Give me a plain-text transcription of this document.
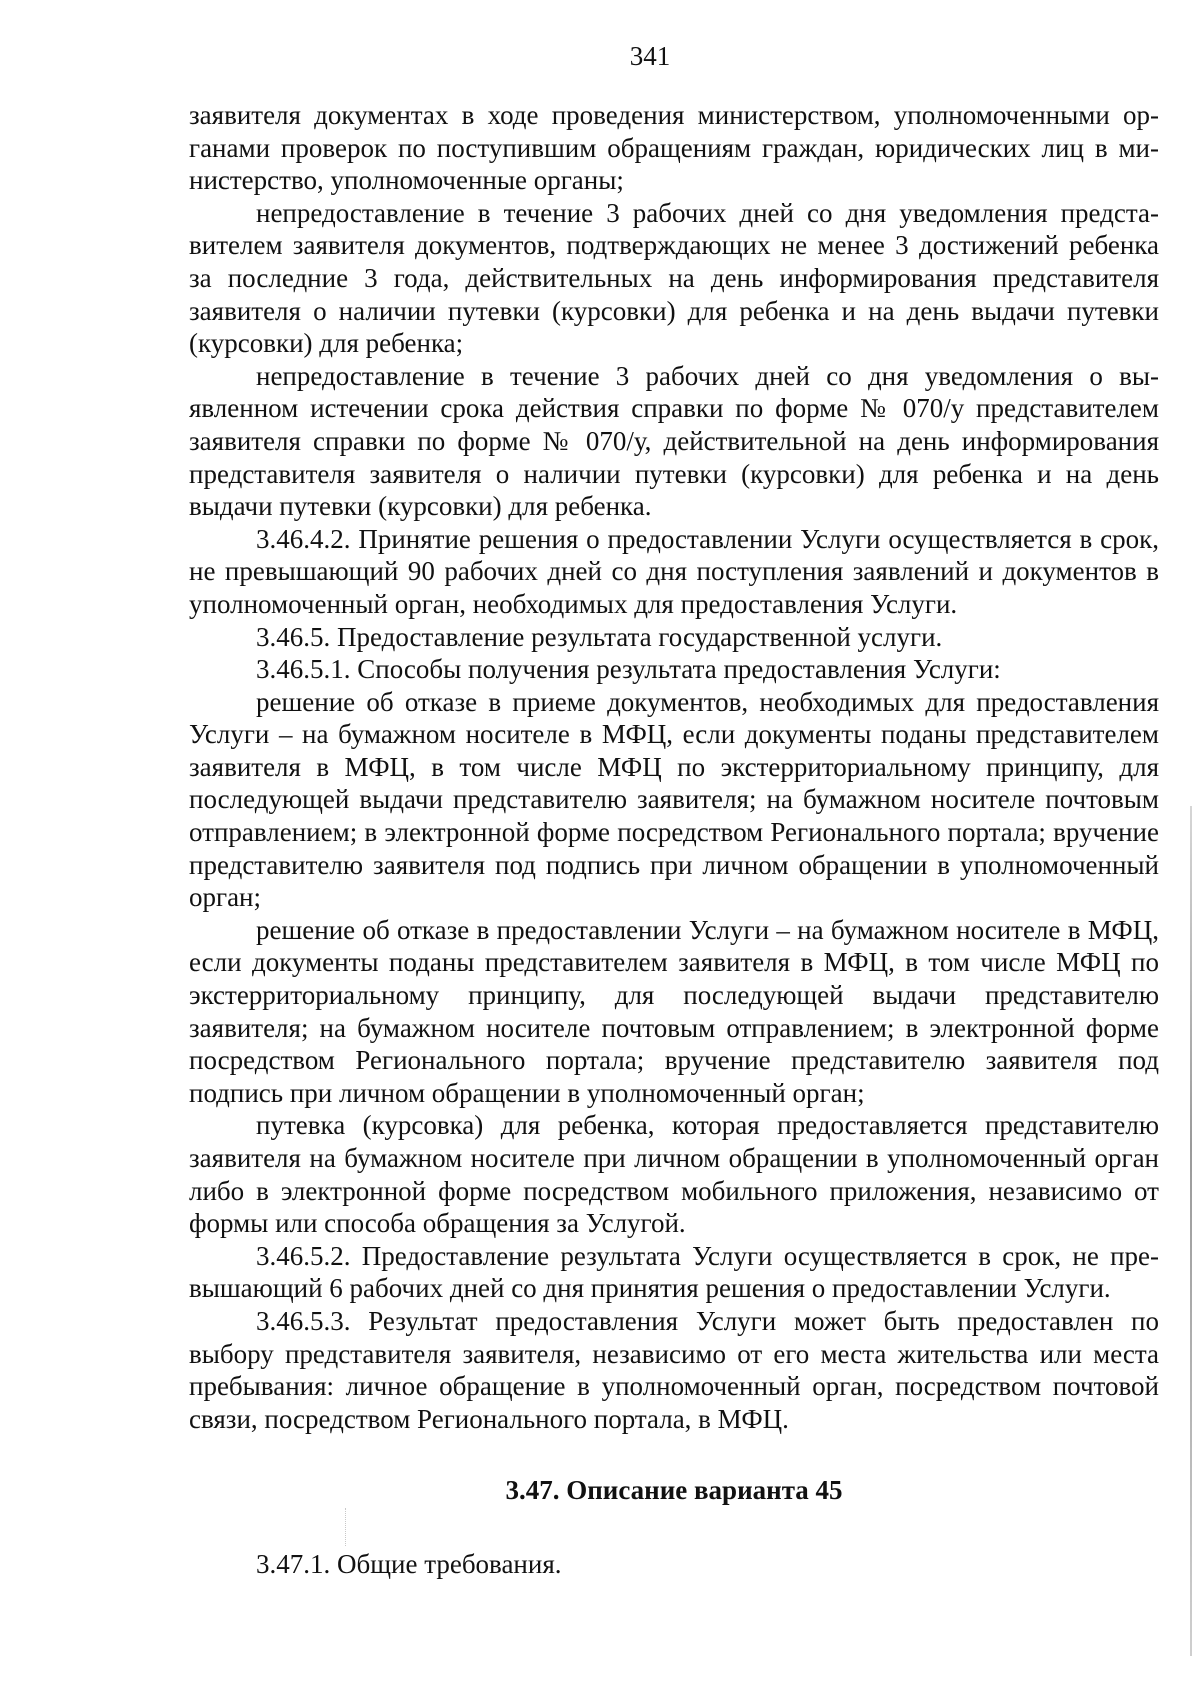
341

заявителя документах в ходе проведения министерством, уполномоченными органами проверок по поступившим обращениям граждан, юридических лиц в министерство, уполномоченные органы;

непредоставление в течение 3 рабочих дней со дня уведомления представителем заявителя документов, подтверждающих не менее 3 достижений ребенка за последние 3 года, действительных на день информирования представителя заявителя о наличии путевки (курсовки) для ребенка и на день выдачи путевки (курсовки) для ребенка;

непредоставление в течение 3 рабочих дней со дня уведомления о выявленном истечении срока действия справки по форме № 070/у представителем заявителя справки по форме № 070/у, действительной на день информирования представителя заявителя о наличии путевки (курсовки) для ребенка и на день выдачи путевки (курсовки) для ребенка.

3.46.4.2. Принятие решения о предоставлении Услуги осуществляется в срок, не превышающий 90 рабочих дней со дня поступления заявлений и документов в уполномоченный орган, необходимых для предоставления Услуги.

3.46.5. Предоставление результата государственной услуги.

3.46.5.1. Способы получения результата предоставления Услуги:

решение об отказе в приеме документов, необходимых для предоставления Услуги – на бумажном носителе в МФЦ, если документы поданы представителем заявителя в МФЦ, в том числе МФЦ по экстерриториальному принципу, для последующей выдачи представителю заявителя; на бумажном носителе почтовым отправлением; в электронной форме посредством Регионального портала; вручение представителю заявителя под подпись при личном обращении в уполномоченный орган;

решение об отказе в предоставлении Услуги – на бумажном носителе в МФЦ, если документы поданы представителем заявителя в МФЦ, в том числе МФЦ по экстерриториальному принципу, для последующей выдачи представителю заявителя; на бумажном носителе почтовым отправлением; в электронной форме посредством Регионального портала; вручение представителю заявителя под подпись при личном обращении в уполномоченный орган;

путевка (курсовка) для ребенка, которая предоставляется представителю заявителя на бумажном носителе при личном обращении в уполномоченный орган либо в электронной форме посредством мобильного приложения, независимо от формы или способа обращения за Услугой.

3.46.5.2. Предоставление результата Услуги осуществляется в срок, не превышающий 6 рабочих дней со дня принятия решения о предоставлении Услуги.

3.46.5.3. Результат предоставления Услуги может быть предоставлен по выбору представителя заявителя, независимо от его места жительства или места пребывания: личное обращение в уполномоченный орган, посредством почтовой связи, посредством Регионального портала, в МФЦ.

3.47. Описание варианта 45
3.47.1. Общие требования.
